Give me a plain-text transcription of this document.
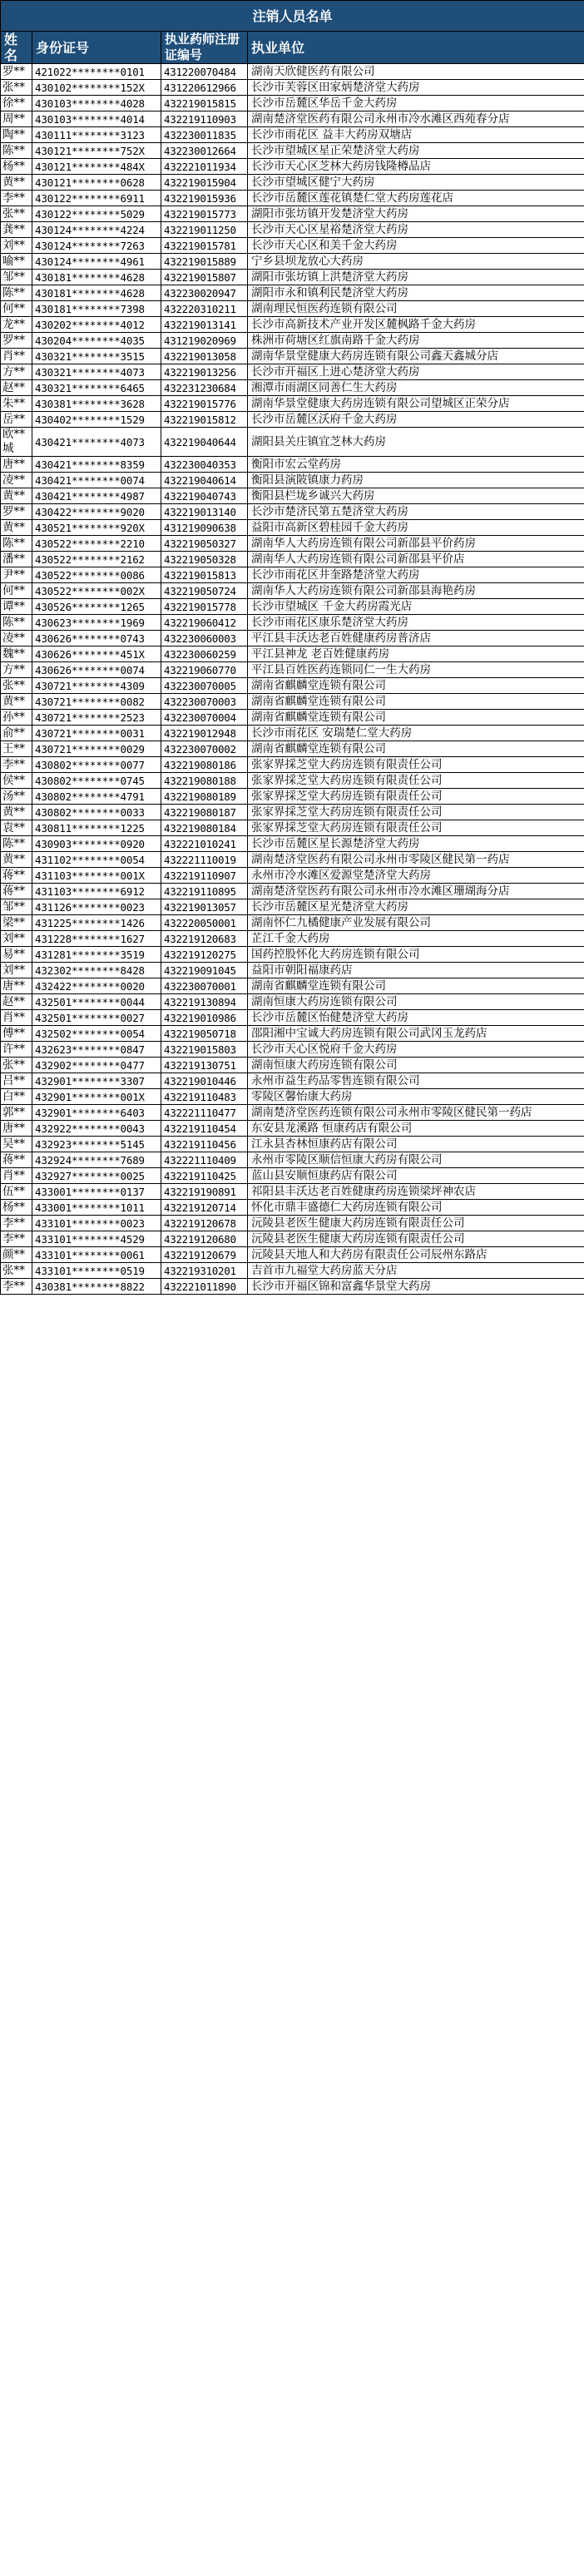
注销人员名单			
姓名	身份证号	执业药师注册证编号	执业单位
罗**	421022********0101	431220070484	湖南天欣健医药有限公司
张**	430102********152X	431220612966	长沙市芙蓉区田家炳楚济堂大药房
徐**	430103********4028	432219015815	长沙市岳麓区华岳千金大药房
周**	430103********4014	432219110903	湖南楚济堂医药有限公司永州市冷水滩区西苑春分店
陶**	430111********3123	432230011835	长沙市雨花区 益丰大药房双塘店
陈**	430121********752X	432230012664	长沙市望城区星正荣楚济堂大药房
杨**	430121********484X	432221011934	长沙市天心区芝林大药房钱隆樽品店
黄**	430121********0628	432219015904	长沙市望城区健宁大药房
李**	430122********6911	432219015936	长沙市岳麓区莲花镇楚仁堂大药房莲花店
张**	430122********5029	432219015773	湖阳市张坊镇开发楚济堂大药房
龚**	430124********4224	432219011250	长沙市天心区星裕楚济堂大药房
刘**	430124********7263	432219015781	长沙市天心区和美千金大药房
喻**	430124********4961	432219015889	宁乡县坝龙放心大药房
邹**	430181********4628	432219015807	湖阳市张坊镇上洪楚济堂大药房
陈**	430181********4628	432230020947	湖阳市永和镇利民楚济堂大药房
何**	430181********7398	432220310211	湖南理民恒医药连锁有限公司
龙**	430202********4012	432219013141	长沙市高新技术产业开发区麓枫路千金大药房
罗**	430204********4035	431219020969	株洲市荷塘区红旗南路千金大药房
肖**	430321********3515	432219013058	湖南华景堂健康大药房连锁有限公司鑫天鑫城分店
方**	430321********4073	432219013256	长沙市开福区上进心楚济堂大药房
赵**	430321********6465	432231230684	湘潭市雨湖区同善仁生大药房
朱**	430381********3628	432219015776	湖南华景堂健康大药房连锁有限公司望城区正荣分店
岳**	430402********1529	432219015812	长沙市岳麓区沃府千金大药房
欧**城	430421********4073	432219040644	湖阳县关庄镇宜芝林大药房
唐**	430421********8359	432230040353	衡阳市宏云堂药房
凌**	430421********0074	432219040614	衡阳县演陂镇康力药房
黄**	430421********4987	432219040743	衡阳县栏垅乡诚兴大药房
罗**	430422********9020	432219013140	长沙市楚济民第五楚济堂大药房
黄**	430521********920X	431219090638	益阳市高新区碧桂园千金大药房
陈**	430522********2210	432219050327	湖南华人大药房连锁有限公司新邵县平价药房
潘**	430522********2162	432219050328	湖南华人大药房连锁有限公司新邵县平价店
尹**	430522********0086	432219015813	长沙市雨花区井奎路楚济堂大药房
何**	430522********002X	432219050724	湖南华人大药房连锁有限公司新邵县海艳药房
谭**	430526********1265	432219015778	长沙市望城区 千金大药房霞光店
陈**	430623********1969	432219060412	长沙市雨花区康乐楚济堂大药房
凌**	430626********0743	432230060003	平江县丰沃达老百姓健康药房普济店
魏**	430626********451X	432230060259	平江县神龙 老百姓健康药房
方**	430626********0074	432219060770	平江县百姓医药连锁同仁一生大药房
张**	430721********4309	432230070005	湖南省麒麟堂连锁有限公司
黄**	430721********0082	432230070003	湖南省麒麟堂连锁有限公司
孙**	430721********2523	432230070004	湖南省麒麟堂连锁有限公司
俞**	430721********0031	432219012948	长沙市雨花区 安瑞楚仁堂大药房
王**	430721********0029	432230070002	湖南省麒麟堂连锁有限公司
李**	430802********0077	432219080186	张家界採芝堂大药房连锁有限责任公司
侯**	430802********0745	432219080188	张家界採芝堂大药房连锁有限责任公司
汤**	430802********4791	432219080189	张家界採芝堂大药房连锁有限责任公司
黄**	430802********0033	432219080187	张家界採芝堂大药房连锁有限责任公司
袁**	430811********1225	432219080184	张家界採芝堂大药房连锁有限责任公司
陈**	430903********0920	432221010241	长沙市岳麓区星长源楚济堂大药房
黄**	431102********0054	432221110019	湖南楚济堂医药有限公司永州市零陵区健民第一药店
蒋**	431103********001X	432219110907	永州市冷水滩区爱源堂楚济堂大药房
蒋**	431103********6912	432219110895	湖南楚济堂医药有限公司永州市冷水滩区珊瑚海分店
邹**	431126********0023	432219013057	长沙市岳麓区星光楚济堂大药房
梁**	431225********1426	432220050001	湖南怀仁九橘健康产业发展有限公司
刘**	431228********1627	432219120683	芷江千金大药房
易**	431281********3519	432219120275	国药控股怀化大药房连锁有限公司
刘**	432302********8428	432219091045	益阳市朝阳福康药店
唐**	432422********0020	432230070001	湖南省麒麟堂连锁有限公司
赵**	432501********0044	432219130894	湖南恒康大药房连锁有限公司
肖**	432501********0027	432219010986	长沙市岳麓区怡健楚济堂大药房
傅**	432502********0054	432219050718	邵阳湘中宝诚大药房连锁有限公司武冈玉龙药店
许**	432623********0847	432219015803	长沙市天心区悦府千金大药房
张**	432902********0477	432219130751	湖南恒康大药房连锁有限公司
吕**	432901********3307	432219010446	永州市益生药品零售连锁有限公司
白**	432901********001X	432219110483	零陵区馨怡康大药房
郭**	432901********6403	432221110477	湖南楚济堂医药连锁有限公司永州市零陵区健民第一药店
唐**	432922********0043	432219110454	东安县龙溪路 恒康药店有限公司
吴**	432923********5145	432219110456	江永县杏林恒康药店有限公司
蒋**	432924********7689	432221110409	永州市零陵区顺信恒康大药房有限公司
肖**	432927********0025	432219110425	蓝山县安顺恒康药店有限公司
伍**	433001********0137	432219190891	祁阳县丰沃达老百姓健康药房连锁梁坪神农店
杨**	433001********1011	432219120714	怀化市鼎丰盛德仁大药房连锁有限公司
李**	433101********0023	432219120678	沅陵县老医生健康大药房连锁有限责任公司
李**	433101********4529	432219120680	沅陵县老医生健康大药房连锁有限责任公司
颜**	433101********0061	432219120679	沅陵县天地人和大药房有限责任公司辰州东路店
张**	433101********0519	432219310201	吉首市九福堂大药房蓝天分店
李**	430381********8822	432221011890	长沙市开福区锦和富鑫华景堂大药房
